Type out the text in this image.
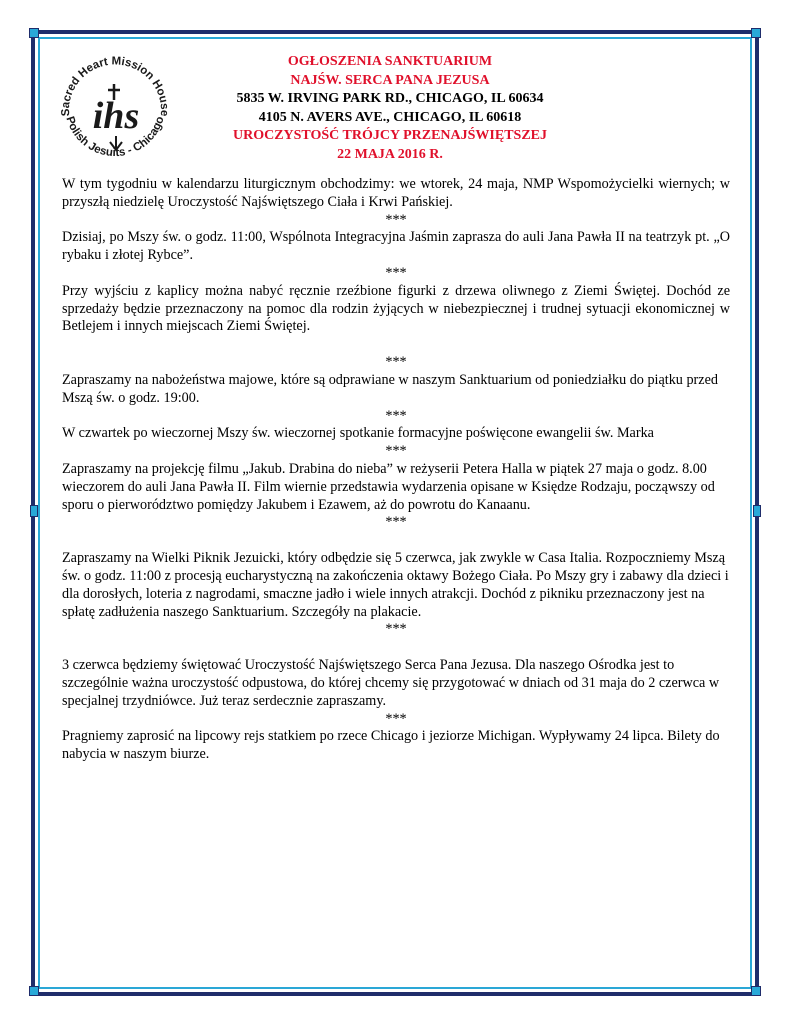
Sacred Heart Mission House
Polish Jesuits - Chicago
ihs
OGŁOSZENIA SANKTUARIUM
NAJŚW. SERCA PANA JEZUSA
5835 W. IRVING PARK RD., CHICAGO, IL 60634
4105 N. AVERS AVE., CHICAGO, IL 60618
UROCZYSTOŚĆ TRÓJCY PRZENAJŚWIĘTSZEJ
22 MAJA 2016 R.

W tym tygodniu w kalendarzu liturgicznym obchodzimy: we wtorek, 24 maja, NMP Wspomożycielki wiernych; w przyszłą niedzielę Uroczystość Najświętszego Ciała i Krwi Pańskiej.

***

Dzisiaj, po Mszy św. o godz. 11:00, Wspólnota Integracyjna Jaśmin zaprasza do auli Jana Pawła II na teatrzyk pt. „O rybaku i złotej Rybce”.

***

Przy wyjściu z kaplicy można nabyć ręcznie rzeźbione figurki z drzewa oliwnego z Ziemi Świętej. Dochód ze sprzedaży będzie przeznaczony na pomoc dla rodzin żyjących w niebezpiecznej i trudnej sytuacji ekonomicznej w Betlejem i innych miejscach Ziemi Świętej.

***

Zapraszamy na nabożeństwa majowe, które są odprawiane w naszym Sanktuarium od poniedziałku do piątku przed Mszą św. o godz. 19:00.

***

W czwartek po wieczornej Mszy św. wieczornej spotkanie formacyjne poświęcone ewangelii św. Marka

***

Zapraszamy na projekcję filmu „Jakub. Drabina do nieba” w reżyserii Petera Halla w piątek 27 maja o godz. 8.00 wieczorem do auli Jana Pawła II. Film wiernie przedstawia wydarzenia opisane w Księdze Rodzaju, począwszy od sporu o pierworództwo pomiędzy Jakubem i Ezawem, aż do powrotu do Kanaanu.

***

Zapraszamy na Wielki Piknik Jezuicki, który odbędzie się 5 czerwca, jak zwykle w Casa Italia. Rozpoczniemy Mszą św. o godz. 11:00 z procesją eucharystyczną na zakończenia oktawy Bożego Ciała. Po Mszy gry i zabawy dla dzieci i dla dorosłych, loteria z nagrodami, smaczne jadło i wiele innych atrakcji. Dochód z pikniku przeznaczony jest na spłatę zadłużenia naszego Sanktuarium. Szczegóły na plakacie.

***

3 czerwca będziemy świętować Uroczystość Najświętszego Serca Pana Jezusa. Dla naszego Ośrodka jest to szczególnie ważna uroczystość odpustowa, do której chcemy się przygotować w dniach od 31 maja do 2 czerwca w specjalnej trzydniówce. Już teraz serdecznie zapraszamy.

***

Pragniemy zaprosić na lipcowy rejs statkiem po rzece Chicago i jeziorze Michigan. Wypływamy 24 lipca. Bilety do nabycia w naszym biurze.
